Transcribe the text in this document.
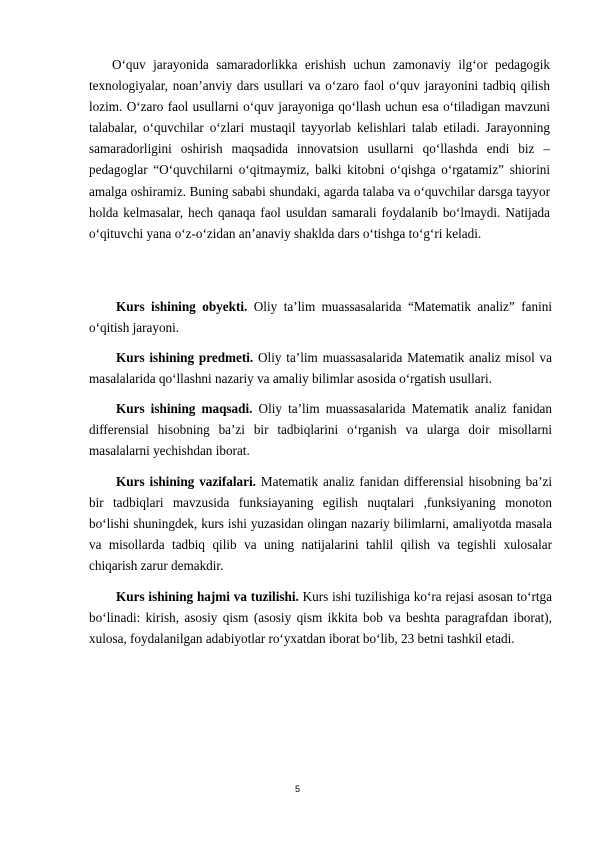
O‘quv jarayonida samaradorlikka erishish uchun zamonaviy ilg‘or pedagogik texnologiyalar, noan’anviy dars usullari va o‘zaro faol o‘quv jarayonini tadbiq qilish lozim. O‘zaro faol usullarni o‘quv jarayoniga qo‘llash uchun esa o‘tiladigan mavzuni talabalar, o‘quvchilar o‘zlari mustaqil tayyorlab kelishlari talab etiladi. Jarayonning samaradorligini oshirish maqsadida innovatsion usullarni qo‘llashda endi biz – pedagoglar “O‘quvchilarni o‘qitmaymiz, balki kitobni o‘qishga o‘rgatamiz” shiorini amalga oshiramiz. Buning sababi shundaki, agarda talaba va o‘quvchilar darsga tayyor holda kelmasalar, hech qanaqa faol usuldan samarali foydalanib bo‘lmaydi. Natijada o‘qituvchi yana o‘z-o‘zidan an’anaviy shaklda dars o‘tishga to‘g‘ri keladi.

Kurs ishining obyekti. Oliy ta’lim muassasalarida “Matematik analiz” fanini o‘qitish jarayoni.

Kurs ishining predmeti. Oliy ta’lim muassasalarida Matematik analiz misol va masalalarida qo‘llashni nazariy va amaliy bilimlar asosida o‘rgatish usullari.

Kurs ishining maqsadi. Oliy ta’lim muassasalarida Matematik analiz fanidan differensial hisobning ba’zi bir tadbiqlarini o‘rganish va ularga doir misollarni masalalarni yechishdan iborat.

Kurs ishining vazifalari. Matematik analiz fanidan differensial hisobning ba’zi bir tadbiqlari mavzusida funksiayaning egilish nuqtalari ,funksiyaning monoton bo‘lishi shuningdek, kurs ishi yuzasidan olingan nazariy bilimlarni, amaliyotda masala va misollarda tadbiq qilib va uning natijalarini tahlil qilish va tegishli xulosalar chiqarish zarur demakdir.

Kurs ishining hajmi va tuzilishi. Kurs ishi tuzilishiga ko‘ra rejasi asosan to‘rtga bo‘linadi: kirish, asosiy qism (asosiy qism ikkita bob va beshta paragrafdan iborat), xulosa, foydalanilgan adabiyotlar ro‘yxatdan iborat bo‘lib, 23 betni tashkil etadi.

5
